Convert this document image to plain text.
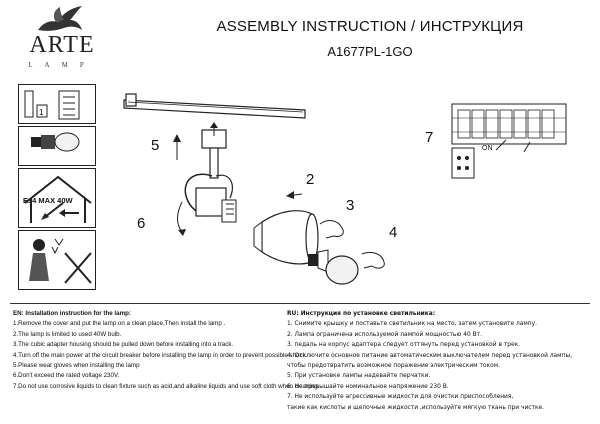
ARTE
LAMP
ASSEMBLY INSTRUCTION / ИНСТРУКЦИЯ
A1677PL-1GO
1
E14 MAX 40W
ON
5
2
3
6
4
7
EN: Installation instruction for the lamp:
1.Remove the cover and put the lamp on a clean place,Then install the lamp .
2.The lamp is limited to used 40W bulb.
3.The cubic adapter housing should be pulled down before installing into a track.
4.Turn off the main power at the circuit breaker before installing the lamp in order to prevent possible shock.
5.Please wear gloves when installing the lamp
6.Don't exceed the rated voltage 230V.
7.Do not use corrosive liquids to clean fixture such as acid,and alkaline liquids and use soft cloth when cleaning.
RU: Инструкция по установке светильника:
1. Снимите крышку и поставьте светильник на место, затем установите лампу.
2. Лампа ограничена используемой лампой мощностью 40 Вт.
3. педаль на корпус адаптера следует оттянуть перед установкой в трек.
4. Отключите основное питание автоматическим выключателем перед установкой лампы,
чтобы предотвратить возможное поражение электрическим током.
5. При установке лампы надевайте перчатки.
6. Не превышайте номинальное напряжение 230 В.
7. Не используйте агрессивные жидкости для очистки приспособления,
такие как кислоты и щелочные жидкости ,используйте мягкую ткань при чистке.
